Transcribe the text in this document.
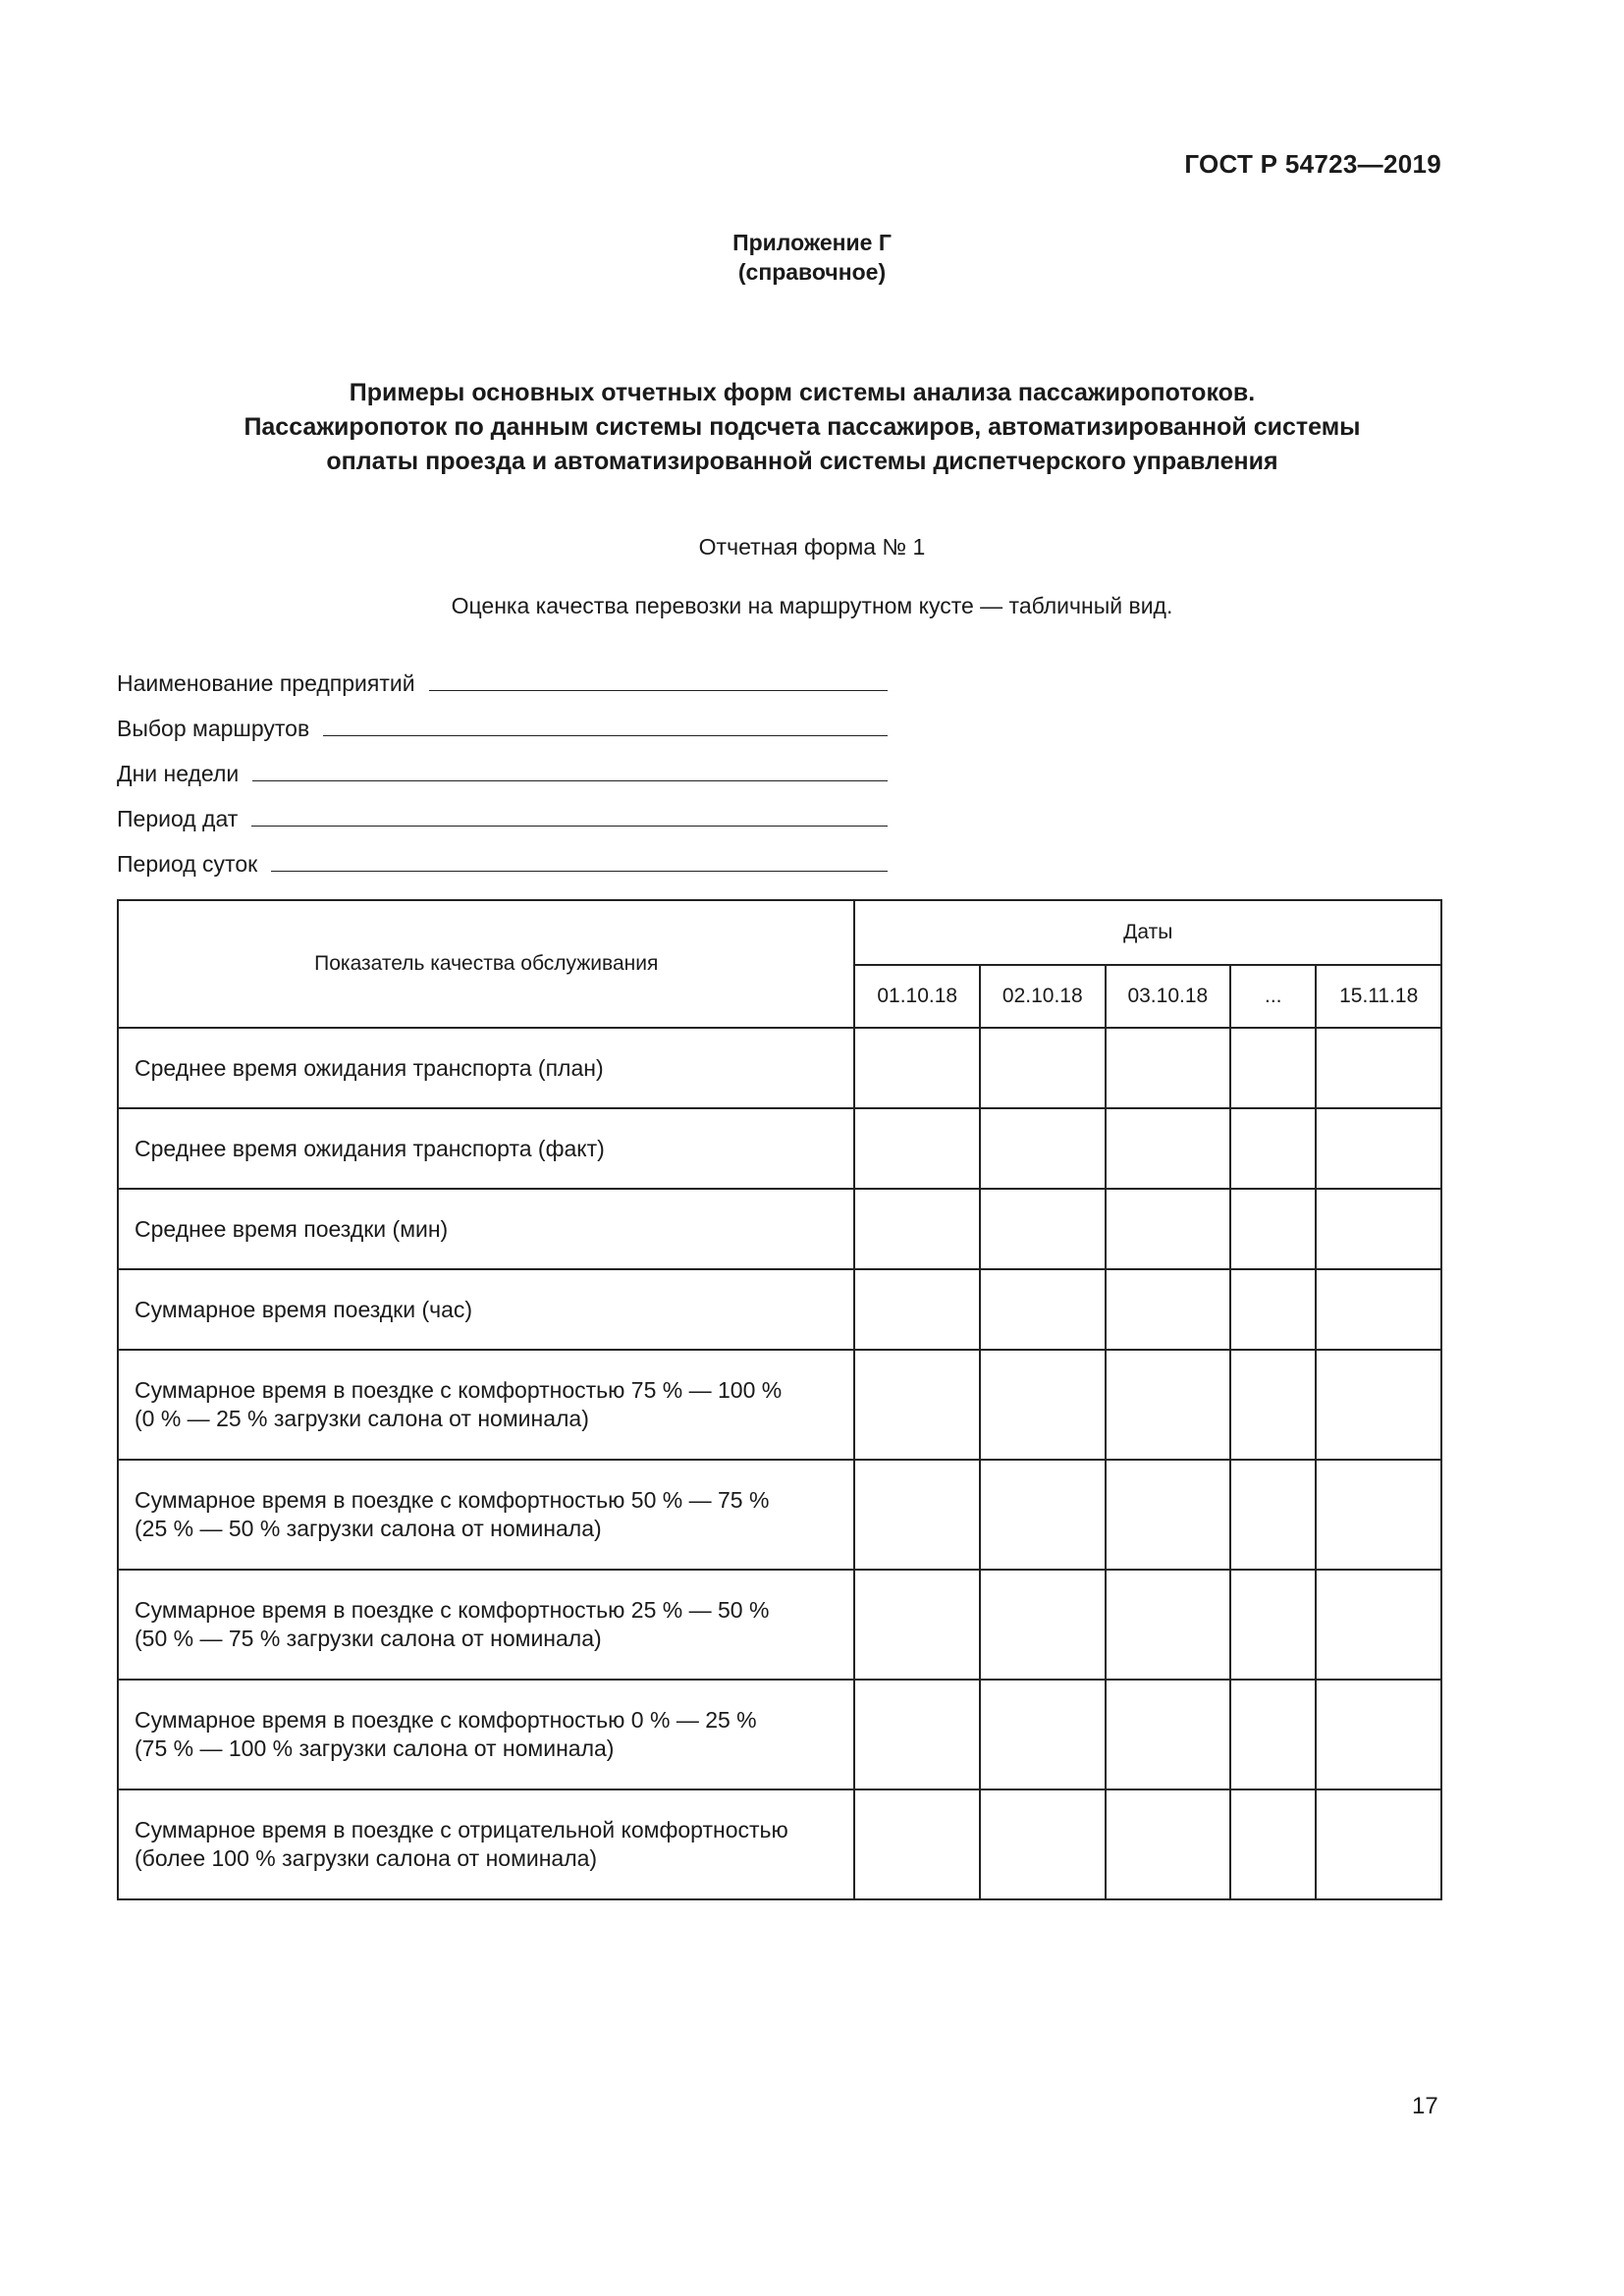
ГОСТ Р 54723—2019
Приложение Г
(справочное)
Примеры основных отчетных форм системы анализа пассажиропотоков.
Пассажиропоток по данным системы подсчета пассажиров, автоматизированной системы
оплаты проезда и автоматизированной системы диспетчерского управления
Отчетная форма № 1
Оценка качества перевозки на маршрутном кусте — табличный вид.
Наименование предприятий
Выбор маршрутов
Дни недели
Период дат
Период суток
Показатель качества обслуживания	Даты				
	01.10.18	02.10.18	03.10.18	...	15.11.18

Среднее время ожидания транспорта (план)					

Среднее время ожидания транспорта (факт)					

Среднее время поездки (мин)					

Суммарное время поездки (час)					

Суммарное время в поездке с комфортностью 75 % — 100 %
(0 % — 25 % загрузки салона от номинала)					

Суммарное время в поездке с комфортностью 50 % — 75 %
(25 % — 50 % загрузки салона от номинала)					

Суммарное время в поездке с комфортностью 25 % — 50 %
(50 % — 75 % загрузки салона от номинала)					

Суммарное время в поездке с комфортностью 0 % — 25 %
(75 % — 100 % загрузки салона от номинала)					

Суммарное время в поездке с отрицательной комфортностью
(более 100 % загрузки салона от номинала)					

17
